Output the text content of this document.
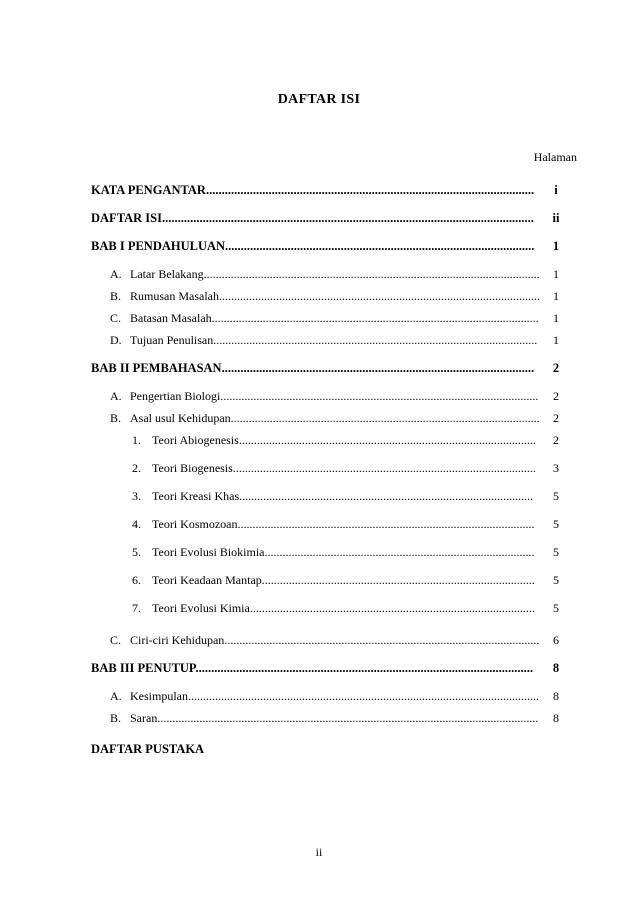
DAFTAR ISI
Halaman
KATA PENGANTAR.........................................................................................................	i
DAFTAR ISI.......................................................................................................................	ii
BAB I PENDAHULUAN...................................................................................................	1
A. Latar Belakang................................................................................................................	1
B. Rumusan Masalah...........................................................................................................	1
C. Batasan Masalah.............................................................................................................	1
D. Tujuan Penulisan............................................................................................................	1
BAB II PEMBAHASAN....................................................................................................	2
A. Pengertian Biologi..........................................................................................................	2
B. Asal usul Kehidupan.......................................................................................................	2
1. Teori Abiogenesis...................................................................................................	2
2. Teori Biogenesis.....................................................................................................	3
3. Teori Kreasi Khas..................................................................................................	5
4. Teori Kosmozoan...................................................................................................	5
5. Teori Evolusi Biokimia..........................................................................................	5
6. Teori Keadaan Mantap...........................................................................................	5
7. Teori Evolusi Kimia...............................................................................................	5
C. Ciri-ciri Kehidupan.........................................................................................................	6
BAB III PENUTUP............................................................................................................	8
A. Kesimpulan.....................................................................................................................	8
B. Saran...............................................................................................................................	8
DAFTAR PUSTAKA
ii
